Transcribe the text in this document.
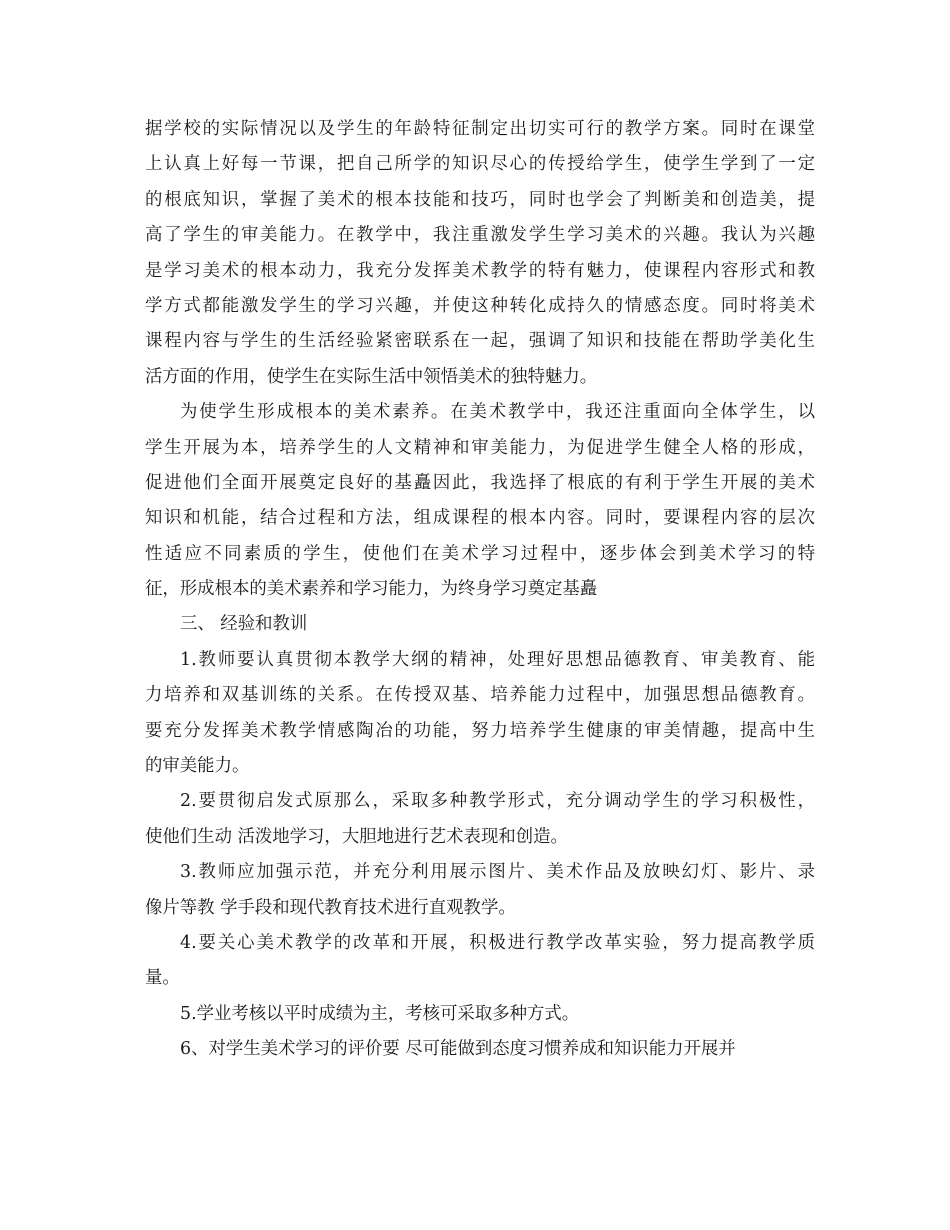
据学校的实际情况以及学生的年龄特征制定出切实可行的教学方案。同时在课堂
上认真上好每一节课，把自己所学的知识尽心的传授给学生，使学生学到了一定
的根底知识，掌握了美术的根本技能和技巧，同时也学会了判断美和创造美，提
高了学生的审美能力。在教学中，我注重激发学生学习美术的兴趣。我认为兴趣
是学习美术的根本动力，我充分发挥美术教学的特有魅力，使课程内容形式和教
学方式都能激发学生的学习兴趣，并使这种转化成持久的情感态度。同时将美术
课程内容与学生的生活经验紧密联系在一起，强调了知识和技能在帮助学美化生
活方面的作用，使学生在实际生活中领悟美术的独特魅力。
为使学生形成根本的美术素养。在美术教学中，我还注重面向全体学生，以
学生开展为本，培养学生的人文精神和审美能力，为促进学生健全人格的形成，
促进他们全面开展奠定良好的基矗因此，我选择了根底的有利于学生开展的美术
知识和机能，结合过程和方法，组成课程的根本内容。同时，要课程内容的层次
性适应不同素质的学生，使他们在美术学习过程中，逐步体会到美术学习的特
征，形成根本的美术素养和学习能力，为终身学习奠定基矗
三、 经验和教训
1.教师要认真贯彻本教学大纲的精神，处理好思想品德教育、审美教育、能
力培养和双基训练的关系。在传授双基、培养能力过程中，加强思想品德教育。
要充分发挥美术教学情感陶冶的功能，努力培养学生健康的审美情趣，提高中生
的审美能力。
2.要贯彻启发式原那么，采取多种教学形式，充分调动学生的学习积极性，
使他们生动 活泼地学习，大胆地进行艺术表现和创造。
3.教师应加强示范，并充分利用展示图片、美术作品及放映幻灯、影片、录
像片等教 学手段和现代教育技术进行直观教学。
4.要关心美术教学的改革和开展，积极进行教学改革实验，努力提高教学质
量。
5.学业考核以平时成绩为主，考核可采取多种方式。
6、对学生美术学习的评价要 尽可能做到态度习惯养成和知识能力开展并
